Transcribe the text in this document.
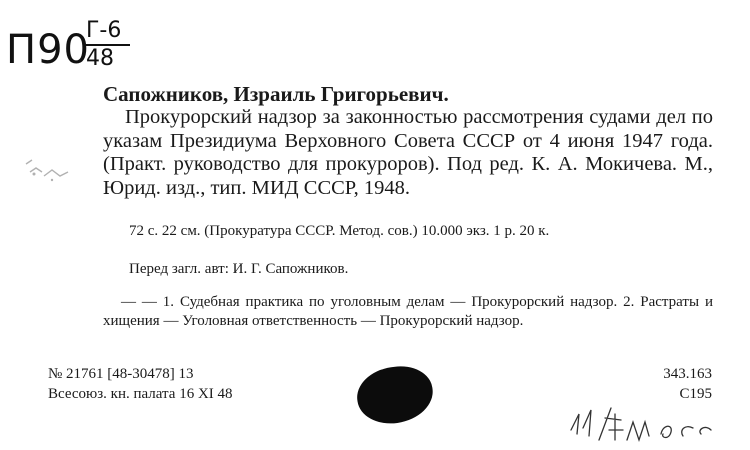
П90
Г-6
48
Сапожников, Израиль Григорьевич.
Прокурорский надзор за законностью рассмотрения судами дел по указам Президиума Верховного Совета СССР от 4 июня 1947 года. (Практ. руководство для прокуроров). Под ред. К. А. Мокичева. М., Юрид. изд., тип. МИД СССР, 1948.
72 с. 22 см. (Прокуратура СССР. Метод. сов.) 10.000 экз. 1 р. 20 к.
Перед загл. авт: И. Г. Сапожников.
— — 1. Судебная практика по уголовным делам — Прокурорский надзор. 2. Растраты и хищения — Уголовная ответственность — Прокурорский надзор.
№ 21761 [48-30478] 13
Всесоюз. кн. палата 16 XI 48
343.163
С195
